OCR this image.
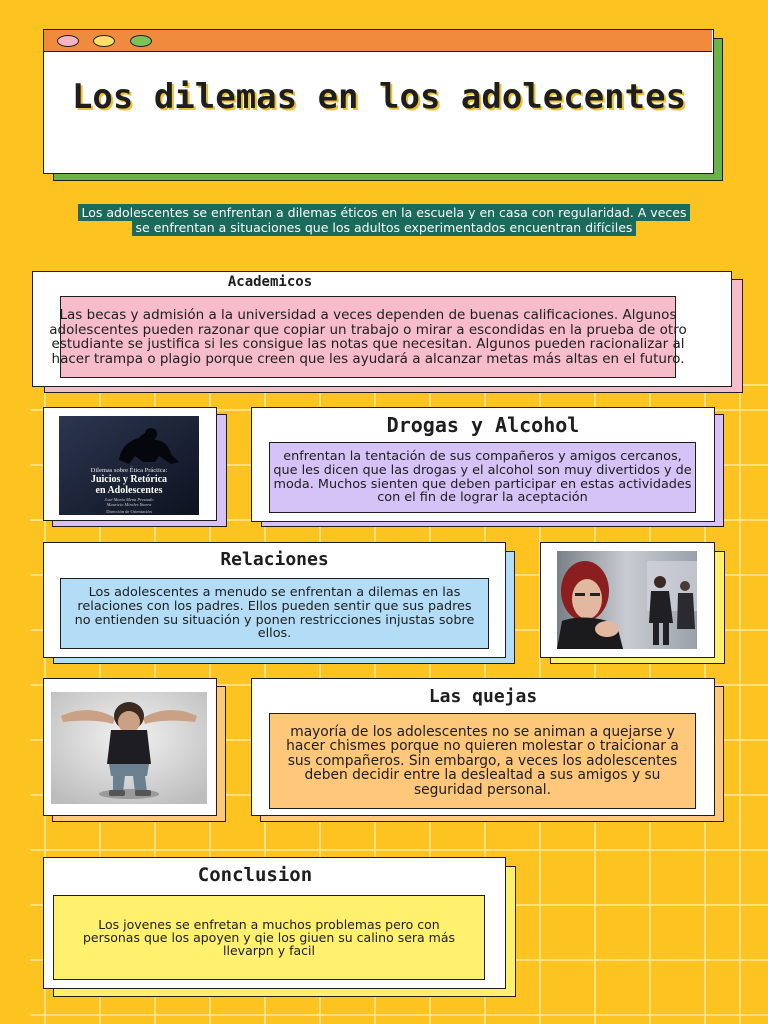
Los dilemas en los adolecentes
Los adolescentes se enfrentan a dilemas éticos en la escuela y en casa con regularidad. A veces se enfrentan a situaciones que los adultos experimentados encuentran difíciles
Academicos
Las becas y admisión a la universidad a veces dependen de buenas calificaciones. Algunos adolescentes pueden razonar que copiar un trabajo o mirar a escondidas en la prueba de otro estudiante se justifica si les consigue las notas que necesitan. Algunos pueden racionalizar al hacer trampa o plagio porque creen que les ayudará a alcanzar metas más altas en el futuro.
Dilemas sobre Ética Práctica:
Juicios y Retórica
en Adolescentes
José María Mena Prestado
Mauricio Mirales Ibarra
Dirección de Orientación
Drogas y Alcohol
enfrentan la tentación de sus compañeros y amigos cercanos, que les dicen que las drogas y el alcohol son muy divertidos y de moda. Muchos sienten que deben participar en estas actividades con el fin de lograr la aceptación
Relaciones
Los adolescentes a menudo se enfrentan a dilemas en las relaciones con los padres. Ellos pueden sentir que sus padres no entienden su situación y ponen restricciones injustas sobre ellos.
Las quejas
mayoría de los adolescentes no se animan a quejarse y hacer chismes porque no quieren molestar o traicionar a sus compañeros. Sin embargo, a veces los adolescentes deben decidir entre la deslealtad a sus amigos y su seguridad personal.
Conclusion
Los jovenes se enfretan a muchos problemas pero con personas que los apoyen y qie los giuen su calino sera más llevarpn y facil
